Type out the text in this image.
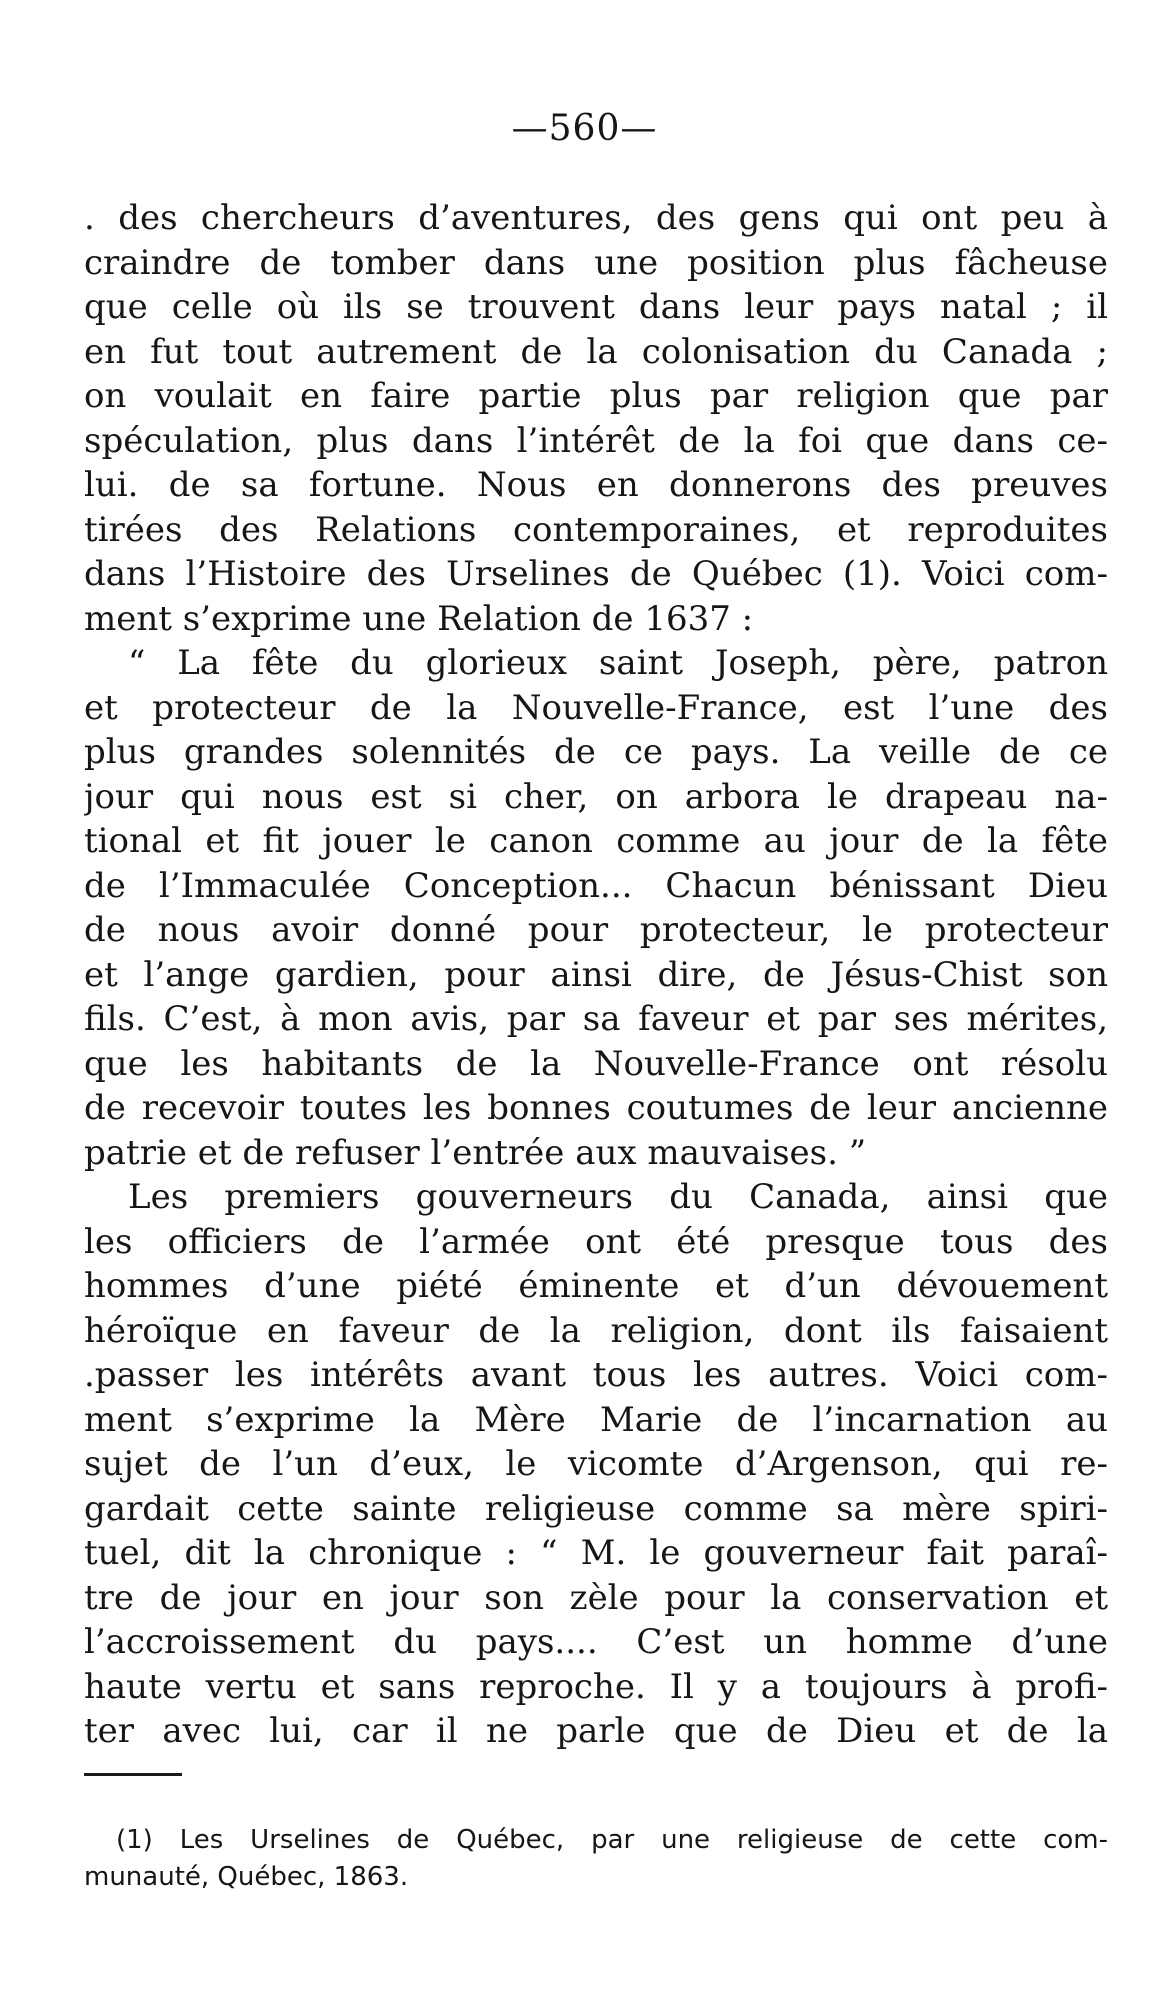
—560—
. des chercheurs d’aventures, des gens qui ont peu à
craindre de tomber dans une position plus fâcheuse
que celle où ils se trouvent dans leur pays natal ; il
en fut tout autrement de la colonisation du Canada ;
on voulait en faire partie plus par religion que par
spéculation, plus dans l’intérêt de la foi que dans ce-
lui. de sa fortune. Nous en donnerons des preuves
tirées des Relations contemporaines, et reproduites
dans l’Histoire des Urselines de Québec (1). Voici com-
ment s’exprime une Relation de 1637 :
“ La fête du glorieux saint Joseph, père, patron
et protecteur de la Nouvelle-France, est l’une des
plus grandes solennités de ce pays. La veille de ce
jour qui nous est si cher, on arbora le drapeau na-
tional et fit jouer le canon comme au jour de la fête
de l’Immaculée Conception... Chacun bénissant Dieu
de nous avoir donné pour protecteur, le protecteur
et l’ange gardien, pour ainsi dire, de Jésus-Chist son
fils. C’est, à mon avis, par sa faveur et par ses mérites,
que les habitants de la Nouvelle-France ont résolu
de recevoir toutes les bonnes coutumes de leur ancienne
patrie et de refuser l’entrée aux mauvaises. ”
Les premiers gouverneurs du Canada, ainsi que
les officiers de l’armée ont été presque tous des
hommes d’une piété éminente et d’un dévouement
héroïque en faveur de la religion, dont ils faisaient
.passer les intérêts avant tous les autres. Voici com-
ment s’exprime la Mère Marie de l’incarnation au
sujet de l’un d’eux, le vicomte d’Argenson, qui re-
gardait cette sainte religieuse comme sa mère spiri-
tuel, dit la chronique : “ M. le gouverneur fait paraî-
tre de jour en jour son zèle pour la conservation et
l’accroissement du pays.... C’est un homme d’une
haute vertu et sans reproche. Il y a toujours à profi-
ter avec lui, car il ne parle que de Dieu et de la
(1) Les Urselines de Québec, par une religieuse de cette com-
munauté, Québec, 1863.
